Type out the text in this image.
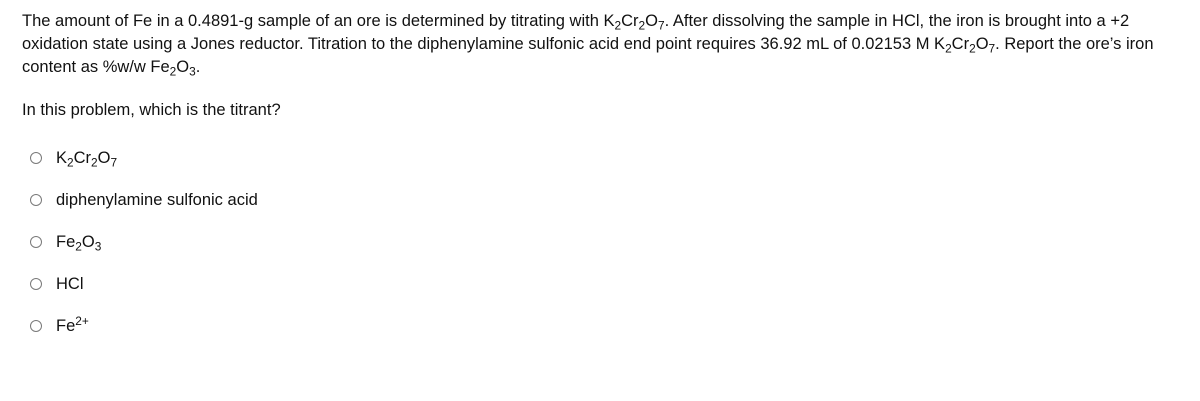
The amount of Fe in a 0.4891-g sample of an ore is determined by titrating with $K_2Cr_2O_7$. After dissolving the sample in HCl, the iron is brought into a +2 oxidation state using a Jones reductor. Titration to the diphenylamine sulfonic acid end point requires 36.92 mL of 0.02153 M $K_2Cr_2O_7$. Report the ore’s iron content as %w/w $Fe_2O_3$.

In this problem, which is the titrant?

$K_2Cr_2O_7$
diphenylamine sulfonic acid
$Fe_2O_3$
HCl
$Fe^{2+}$
